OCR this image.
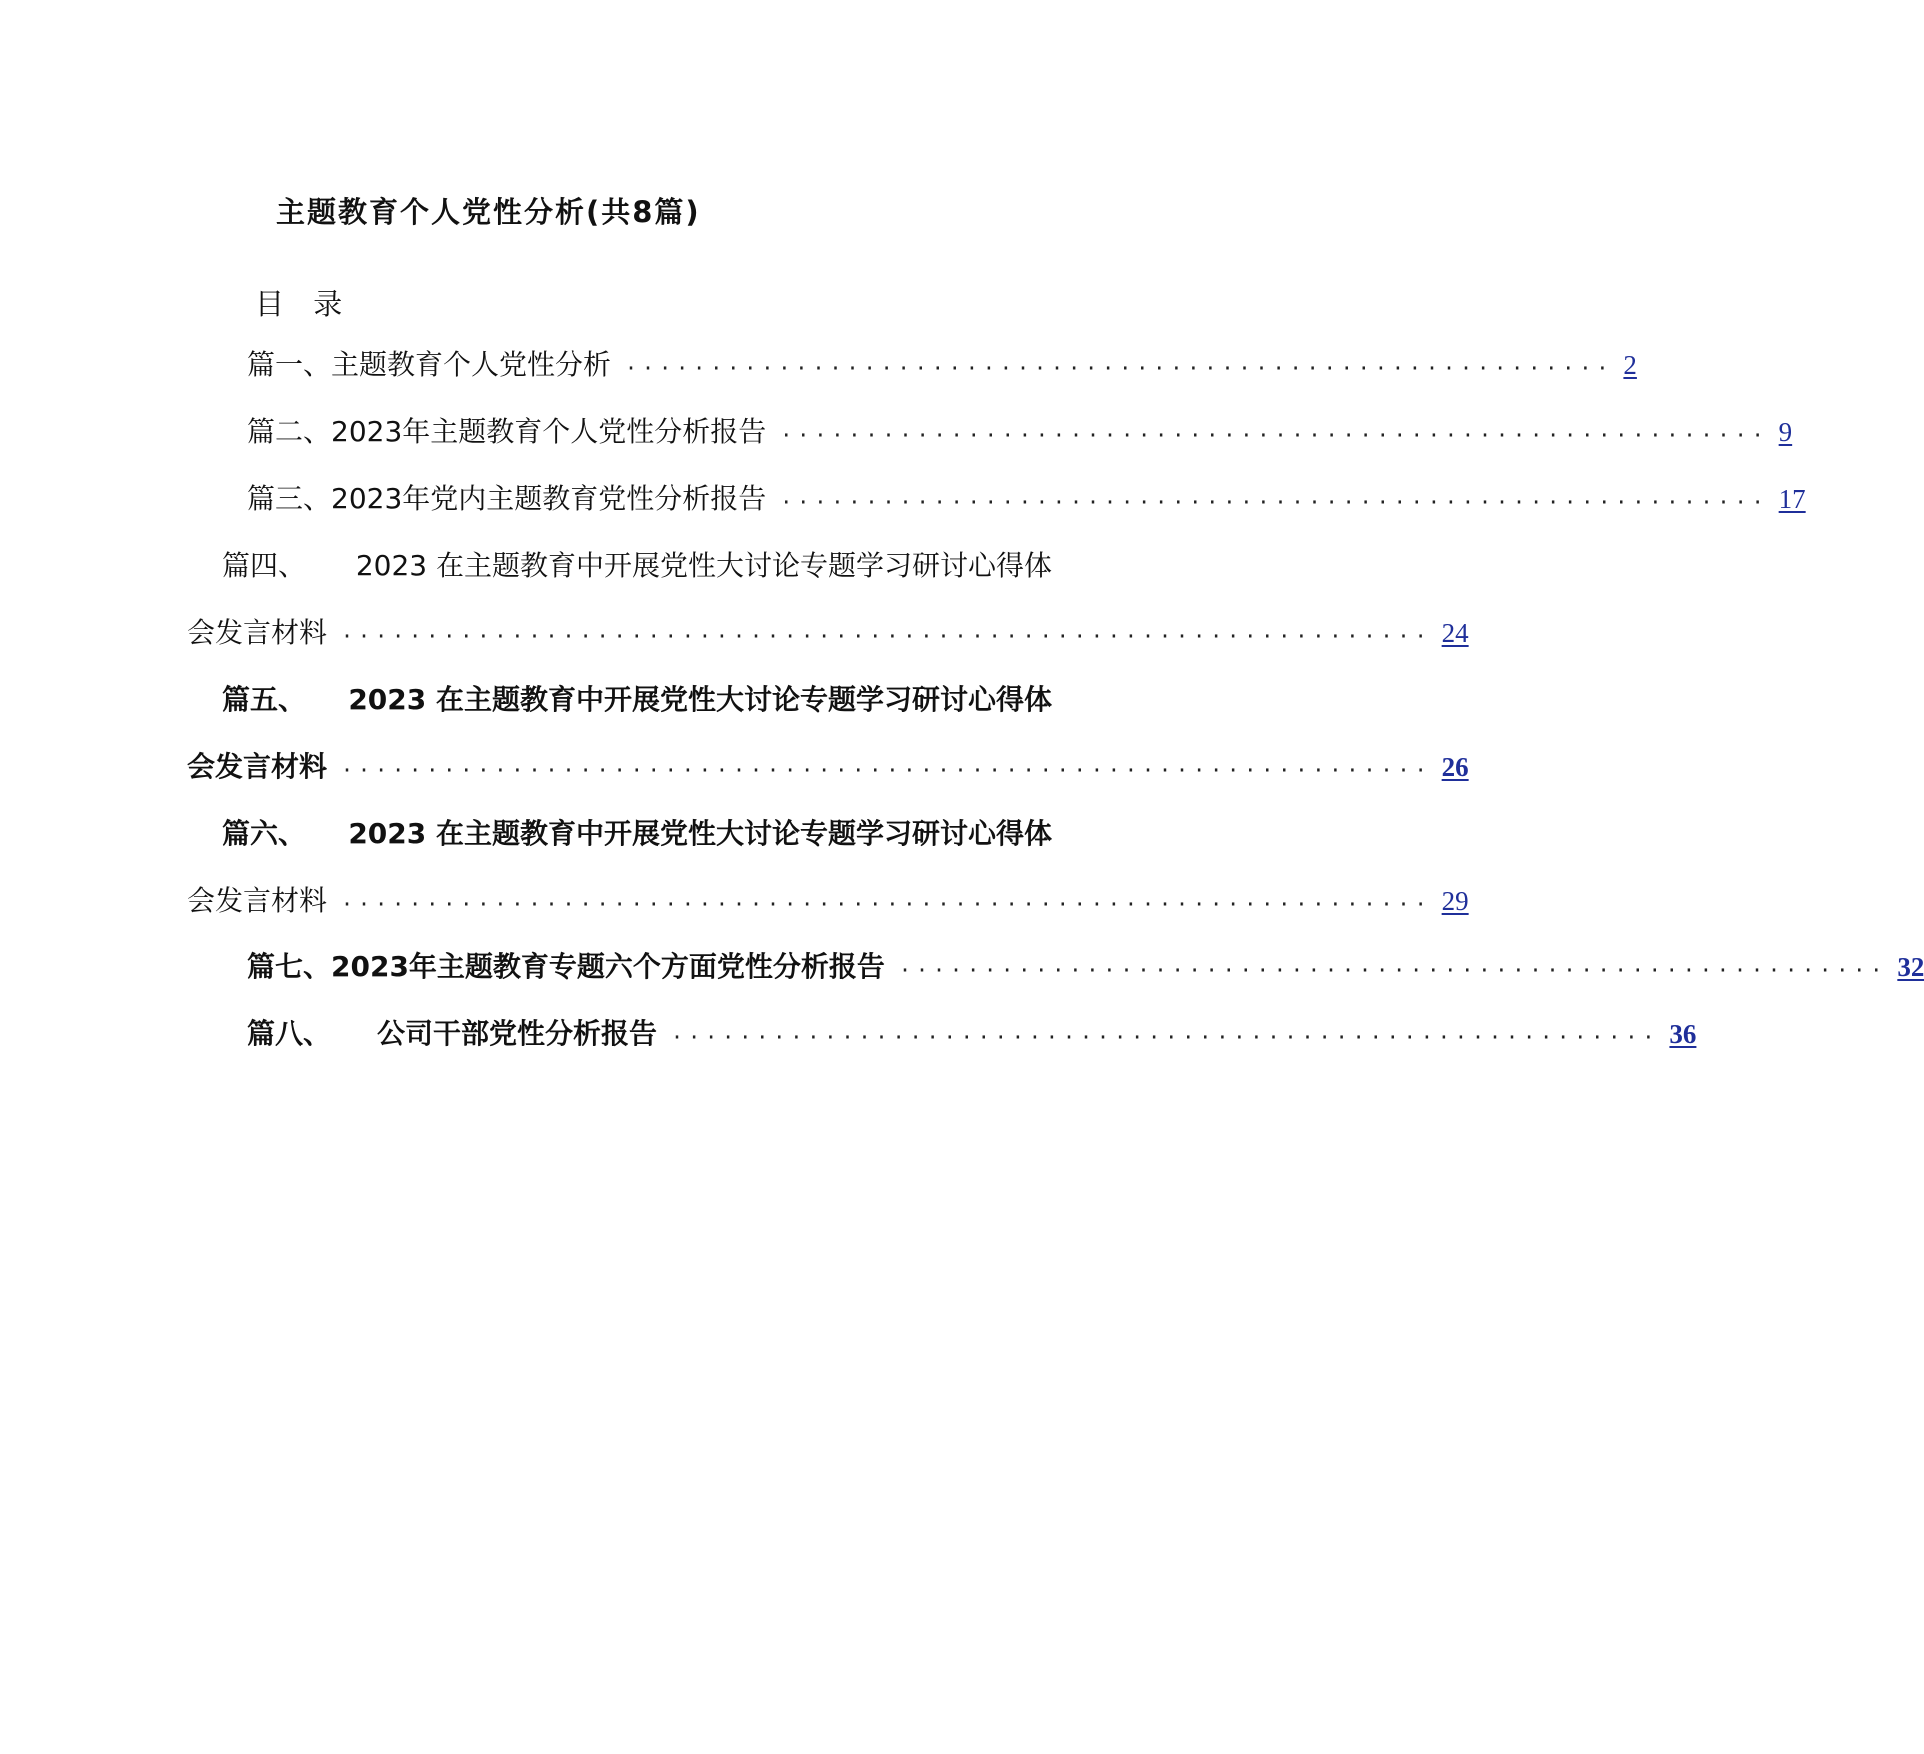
主题教育个人党性分析(共8篇)
目 录
篇一、主题教育个人党性分析 ·························································· 2
篇二、2023年主题教育个人党性分析报告 ·························································· 9
篇三、2023年党内主题教育党性分析报告 ·························································· 17
篇四、 2023 在主题教育中开展党性大讨论专题学习研讨心得体
会发言材料 ································································ 24
篇五、 2023 在主题教育中开展党性大讨论专题学习研讨心得体
会发言材料 ································································ 26
篇六、 2023 在主题教育中开展党性大讨论专题学习研讨心得体
会发言材料 ································································ 29
篇七、2023年主题教育专题六个方面党性分析报告 ·························································· 32
篇八、 公司干部党性分析报告 ·························································· 36
